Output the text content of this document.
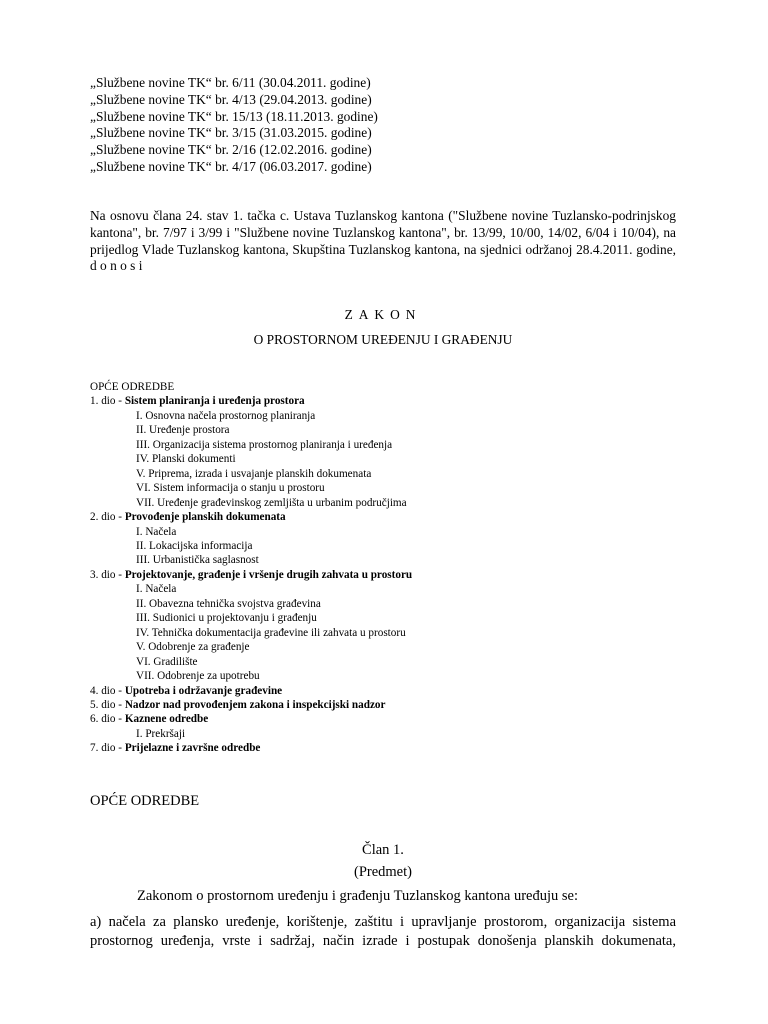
„Službene novine TK“ br. 6/11 (30.04.2011. godine)
„Službene novine TK“ br. 4/13 (29.04.2013. godine)
„Službene novine TK“ br. 15/13 (18.11.2013. godine)
„Službene novine TK“ br. 3/15 (31.03.2015. godine)
„Službene novine TK“ br. 2/16 (12.02.2016. godine)
„Službene novine TK“ br. 4/17 (06.03.2017. godine)
Na osnovu člana 24. stav 1. tačka c. Ustava Tuzlanskog kantona ("Službene novine Tuzlansko-podrinjskog kantona", br. 7/97 i 3/99 i "Službene novine Tuzlanskog kantona", br. 13/99, 10/00, 14/02, 6/04 i 10/04), na prijedlog Vlade Tuzlanskog kantona, Skupština Tuzlanskog kantona, na sjednici održanoj 28.4.2011. godine, d o n o s i
ZAKON
O PROSTORNOM UREĐENJU I GRAĐENJU
OPĆE ODREDBE
1. dio - Sistem planiranja i uređenja prostora
I. Osnovna načela prostornog planiranja
II. Uređenje prostora
III. Organizacija sistema prostornog planiranja i uređenja
IV. Planski dokumenti
V. Priprema, izrada i usvajanje planskih dokumenata
VI. Sistem informacija o stanju u prostoru
VII. Uređenje građevinskog zemljišta u urbanim područjima
2. dio - Provođenje planskih dokumenata
I. Načela
II. Lokacijska informacija
III. Urbanistička saglasnost
3. dio - Projektovanje, građenje i vršenje drugih zahvata u prostoru
I. Načela
II. Obavezna tehnička svojstva građevina
III. Sudionici u projektovanju i građenju
IV. Tehnička dokumentacija građevine ili zahvata u prostoru
V. Odobrenje za građenje
VI. Gradilište
VII. Odobrenje za upotrebu
4. dio - Upotreba i održavanje građevine
5. dio - Nadzor nad provođenjem zakona i inspekcijski nadzor
6. dio - Kaznene odredbe
I. Prekršaji
7. dio - Prijelazne i završne odredbe
OPĆE ODREDBE
Član 1.
(Predmet)
Zakonom o prostornom uređenju i građenju Tuzlanskog kantona uređuju se:
a) načela za plansko uređenje, korištenje, zaštitu i upravljanje prostorom, organizacija sistema prostornog uređenja, vrste i sadržaj, način izrade i postupak donošenja planskih dokumenata,
